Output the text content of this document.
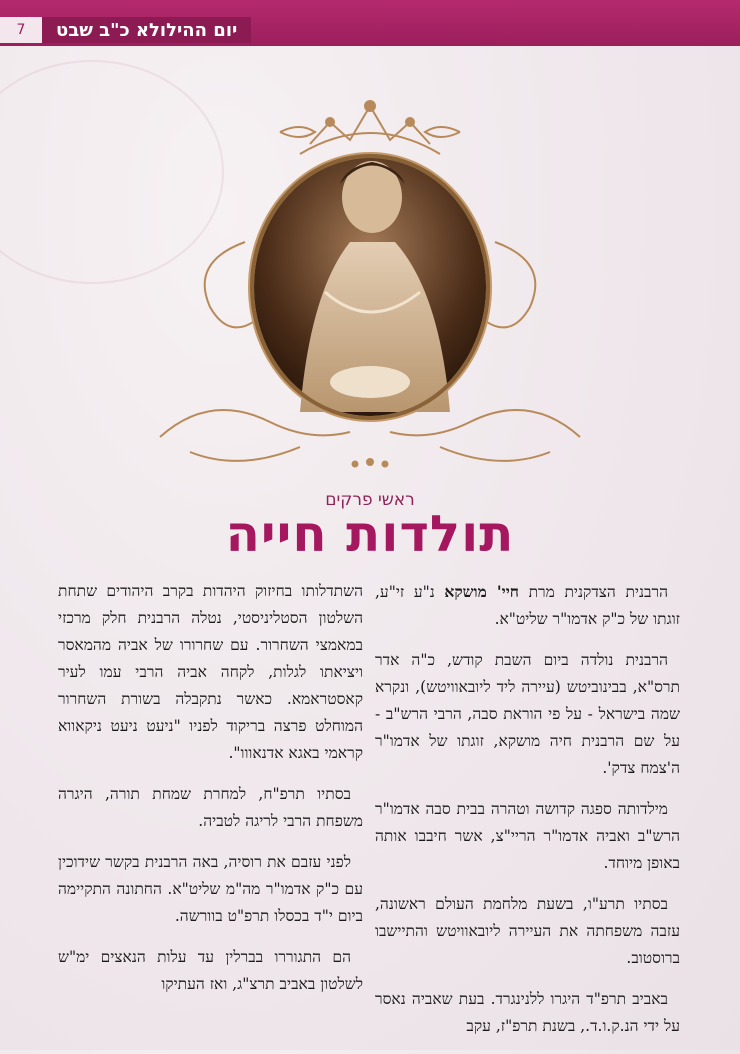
7	יום ההילולא כ"ב שבט
ראשי פרקים
תולדות חייה

הרבנית הצדקנית מרת חיי' מושקא נ"ע זי"ע, זוגתו של כ"ק אדמו"ר שליט"א.

הרבנית נולדה ביום השבת קודש, כ"ה אדר תרס"א, בבינוביטש (עיירה ליד ליובאוויטש), ונקרא שמה בישראל - על פי הוראת סבה, הרבי הרש"ב - על שם הרבנית חיה מושקא, זוגתו של אדמו"ר ה'צמח צדק'.

מילדותה ספגה קדושה וטהרה בבית סבה אדמו"ר הרש"ב ואביה אדמו"ר הריי"צ, אשר חיבבו אותה באופן מיוחד.

בסתיו תרע"ו, בשעת מלחמת העולם ראשונה, עזבה משפחתה את העיירה ליובאוויטש והתיישבו ברוסטוב.

באביב תרפ"ד היגרו ללנינגרד. בעת שאביה נאסר על ידי הנ.ק.ו.ד., בשנת תרפ"ז, עקב

השתדלותו בחיזוק היהדות בקרב היהודים שתחת השלטון הסטליניסטי, נטלה הרבנית חלק מרכזי במאמצי השחרור. עם שחרורו של אביה מהמאסר ויציאתו לגלות, לקחה אביה הרבי עמו לעיר קאסטראמא. כאשר נתקבלה בשורת השחרור המוחלט פרצה בריקוד לפניו "ניעט ניעט ניקאווא קראמי באגא אדנאווו".

בסתיו תרפ"ח, למחרת שמחת תורה, היגרה משפחת הרבי לריגה לטביה.

לפני עזבם את רוסיה, באה הרבנית בקשר שידוכין עם כ"ק אדמו"ר מה"מ שליט"א. החתונה התקיימה ביום י"ד בכסלו תרפ"ט בוורשה.

הם התגוררו בברלין עד עלות הנאצים ימ"ש לשלטון באביב תרצ"ג, ואז העתיקו
